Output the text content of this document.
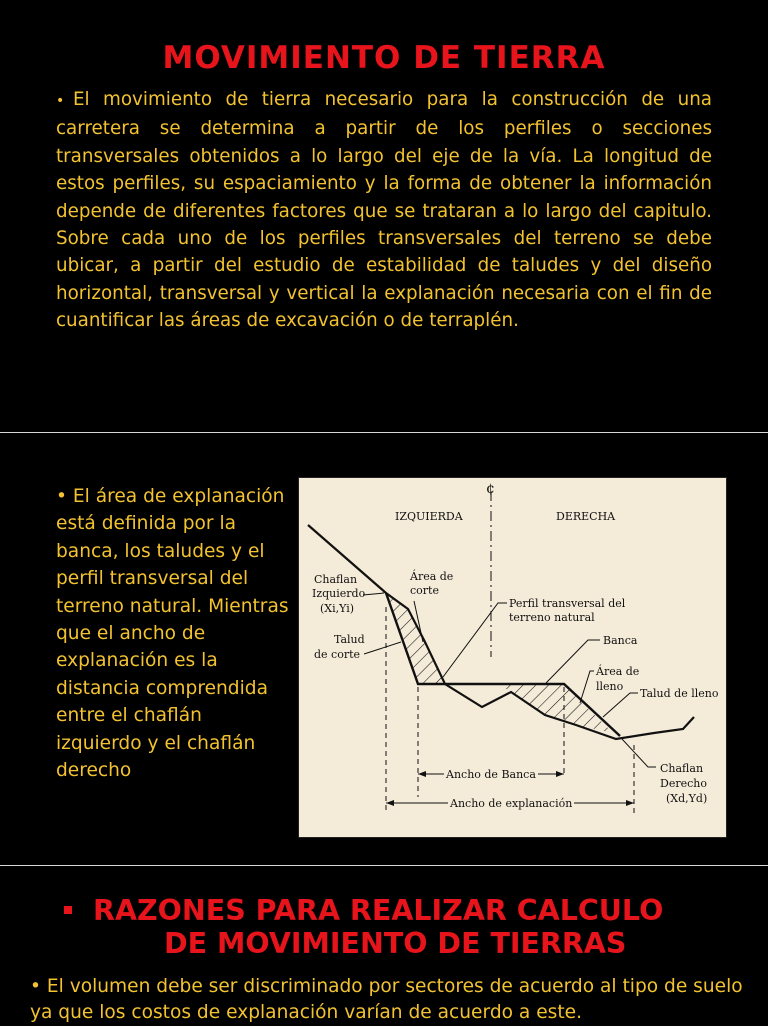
MOVIMIENTO DE TIERRA

• El movimiento de tierra necesario para la construcción de una carretera se determina a partir de los perfiles o secciones transversales obtenidos a lo largo del eje de la vía. La longitud de estos perfiles, su espaciamiento y la forma de obtener la información depende de diferentes factores que se trataran a lo largo del capitulo. Sobre cada uno de los perfiles transversales del terreno se debe ubicar, a partir del estudio de estabilidad de taludes y del diseño horizontal, transversal y vertical la explanación necesaria con el fin de cuantificar las áreas de excavación o de terraplén.

• El área de explanación está definida por la banca, los taludes y el perfil transversal del terreno natural. Mientras que el ancho de explanación es la distancia comprendida entre el chaflán izquierdo y el chaflán derecho

¢
IZQUIERDA	DERECHA
Chaflan
Izquierdo
(Xi,Yi)
Área de
corte
Perfil transversal del
terreno natural
Banca
Talud
de corte
Área de
lleno
Talud de lleno
Chaflan
Derecho
(Xd,Yd)
Ancho de Banca
Ancho de explanación
RAZONES PARA REALIZAR CALCULO
DE MOVIMIENTO DE TIERRAS

• El volumen debe ser discriminado por sectores de acuerdo al tipo de suelo ya que los costos de explanación varían de acuerdo a este.
